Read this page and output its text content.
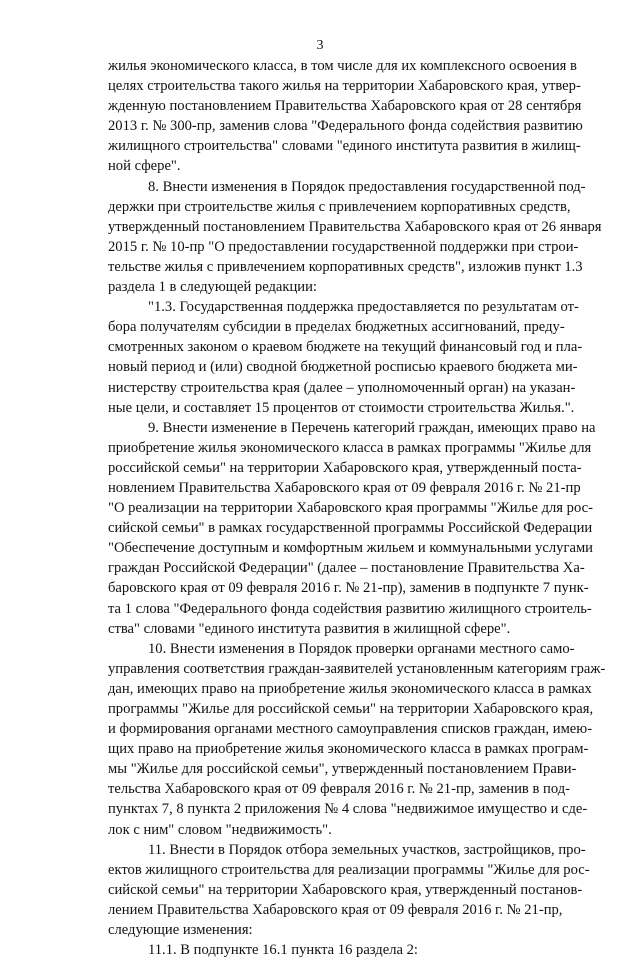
3

жилья экономического класса, в том числе для их комплексного освоения в
целях строительства такого жилья на территории Хабаровского края, утвер-
жденную постановлением Правительства Хабаровского края от 28 сентября
2013 г. № 300-пр, заменив слова "Федерального фонда содействия развитию
жилищного строительства" словами "единого института развития в жилищ-
ной сфере".

8. Внести изменения в Порядок предоставления государственной под-
держки при строительстве жилья с привлечением корпоративных средств,
утвержденный постановлением Правительства Хабаровского края от 26 января
2015 г. № 10-пр "О предоставлении государственной поддержки при строи-
тельстве жилья с привлечением корпоративных средств", изложив пункт 1.3
раздела 1 в следующей редакции:

"1.3. Государственная поддержка предоставляется по результатам от-
бора получателям субсидии в пределах бюджетных ассигнований, преду-
смотренных законом о краевом бюджете на текущий финансовый год и пла-
новый период и (или) сводной бюджетной росписью краевого бюджета ми-
нистерству строительства края (далее – уполномоченный орган) на указан-
ные цели, и составляет 15 процентов от стоимости строительства Жилья.".

9. Внести изменение в Перечень категорий граждан, имеющих право на
приобретение жилья экономического класса в рамках программы "Жилье для
российской семьи" на территории Хабаровского края, утвержденный поста-
новлением Правительства Хабаровского края от 09 февраля 2016 г. № 21-пр
"О реализации на территории Хабаровского края программы "Жилье для рос-
сийской семьи" в рамках государственной программы Российской Федерации
"Обеспечение доступным и комфортным жильем и коммунальными услугами
граждан Российской Федерации" (далее – постановление Правительства Ха-
баровского края от 09 февраля 2016 г. № 21-пр), заменив в подпункте 7 пунк-
та 1 слова "Федерального фонда содействия развитию жилищного строитель-
ства" словами "единого института развития в жилищной сфере".

10. Внести изменения в Порядок проверки органами местного само-
управления соответствия граждан-заявителей установленным категориям граж-
дан, имеющих право на приобретение жилья экономического класса в рамках
программы "Жилье для российской семьи" на территории Хабаровского края,
и формирования органами местного самоуправления списков граждан, имею-
щих право на приобретение жилья экономического класса в рамках програм-
мы "Жилье для российской семьи", утвержденный постановлением Прави-
тельства Хабаровского края от 09 февраля 2016 г. № 21-пр, заменив в под-
пунктах 7, 8 пункта 2 приложения № 4 слова "недвижимое имущество и сде-
лок с ним" словом "недвижимость".

11. Внести в Порядок отбора земельных участков, застройщиков, про-
ектов жилищного строительства для реализации программы "Жилье для рос-
сийской семьи" на территории Хабаровского края, утвержденный постанов-
лением Правительства Хабаровского края от 09 февраля 2016 г. № 21-пр,
следующие изменения:

11.1. В подпункте 16.1 пункта 16 раздела 2:
